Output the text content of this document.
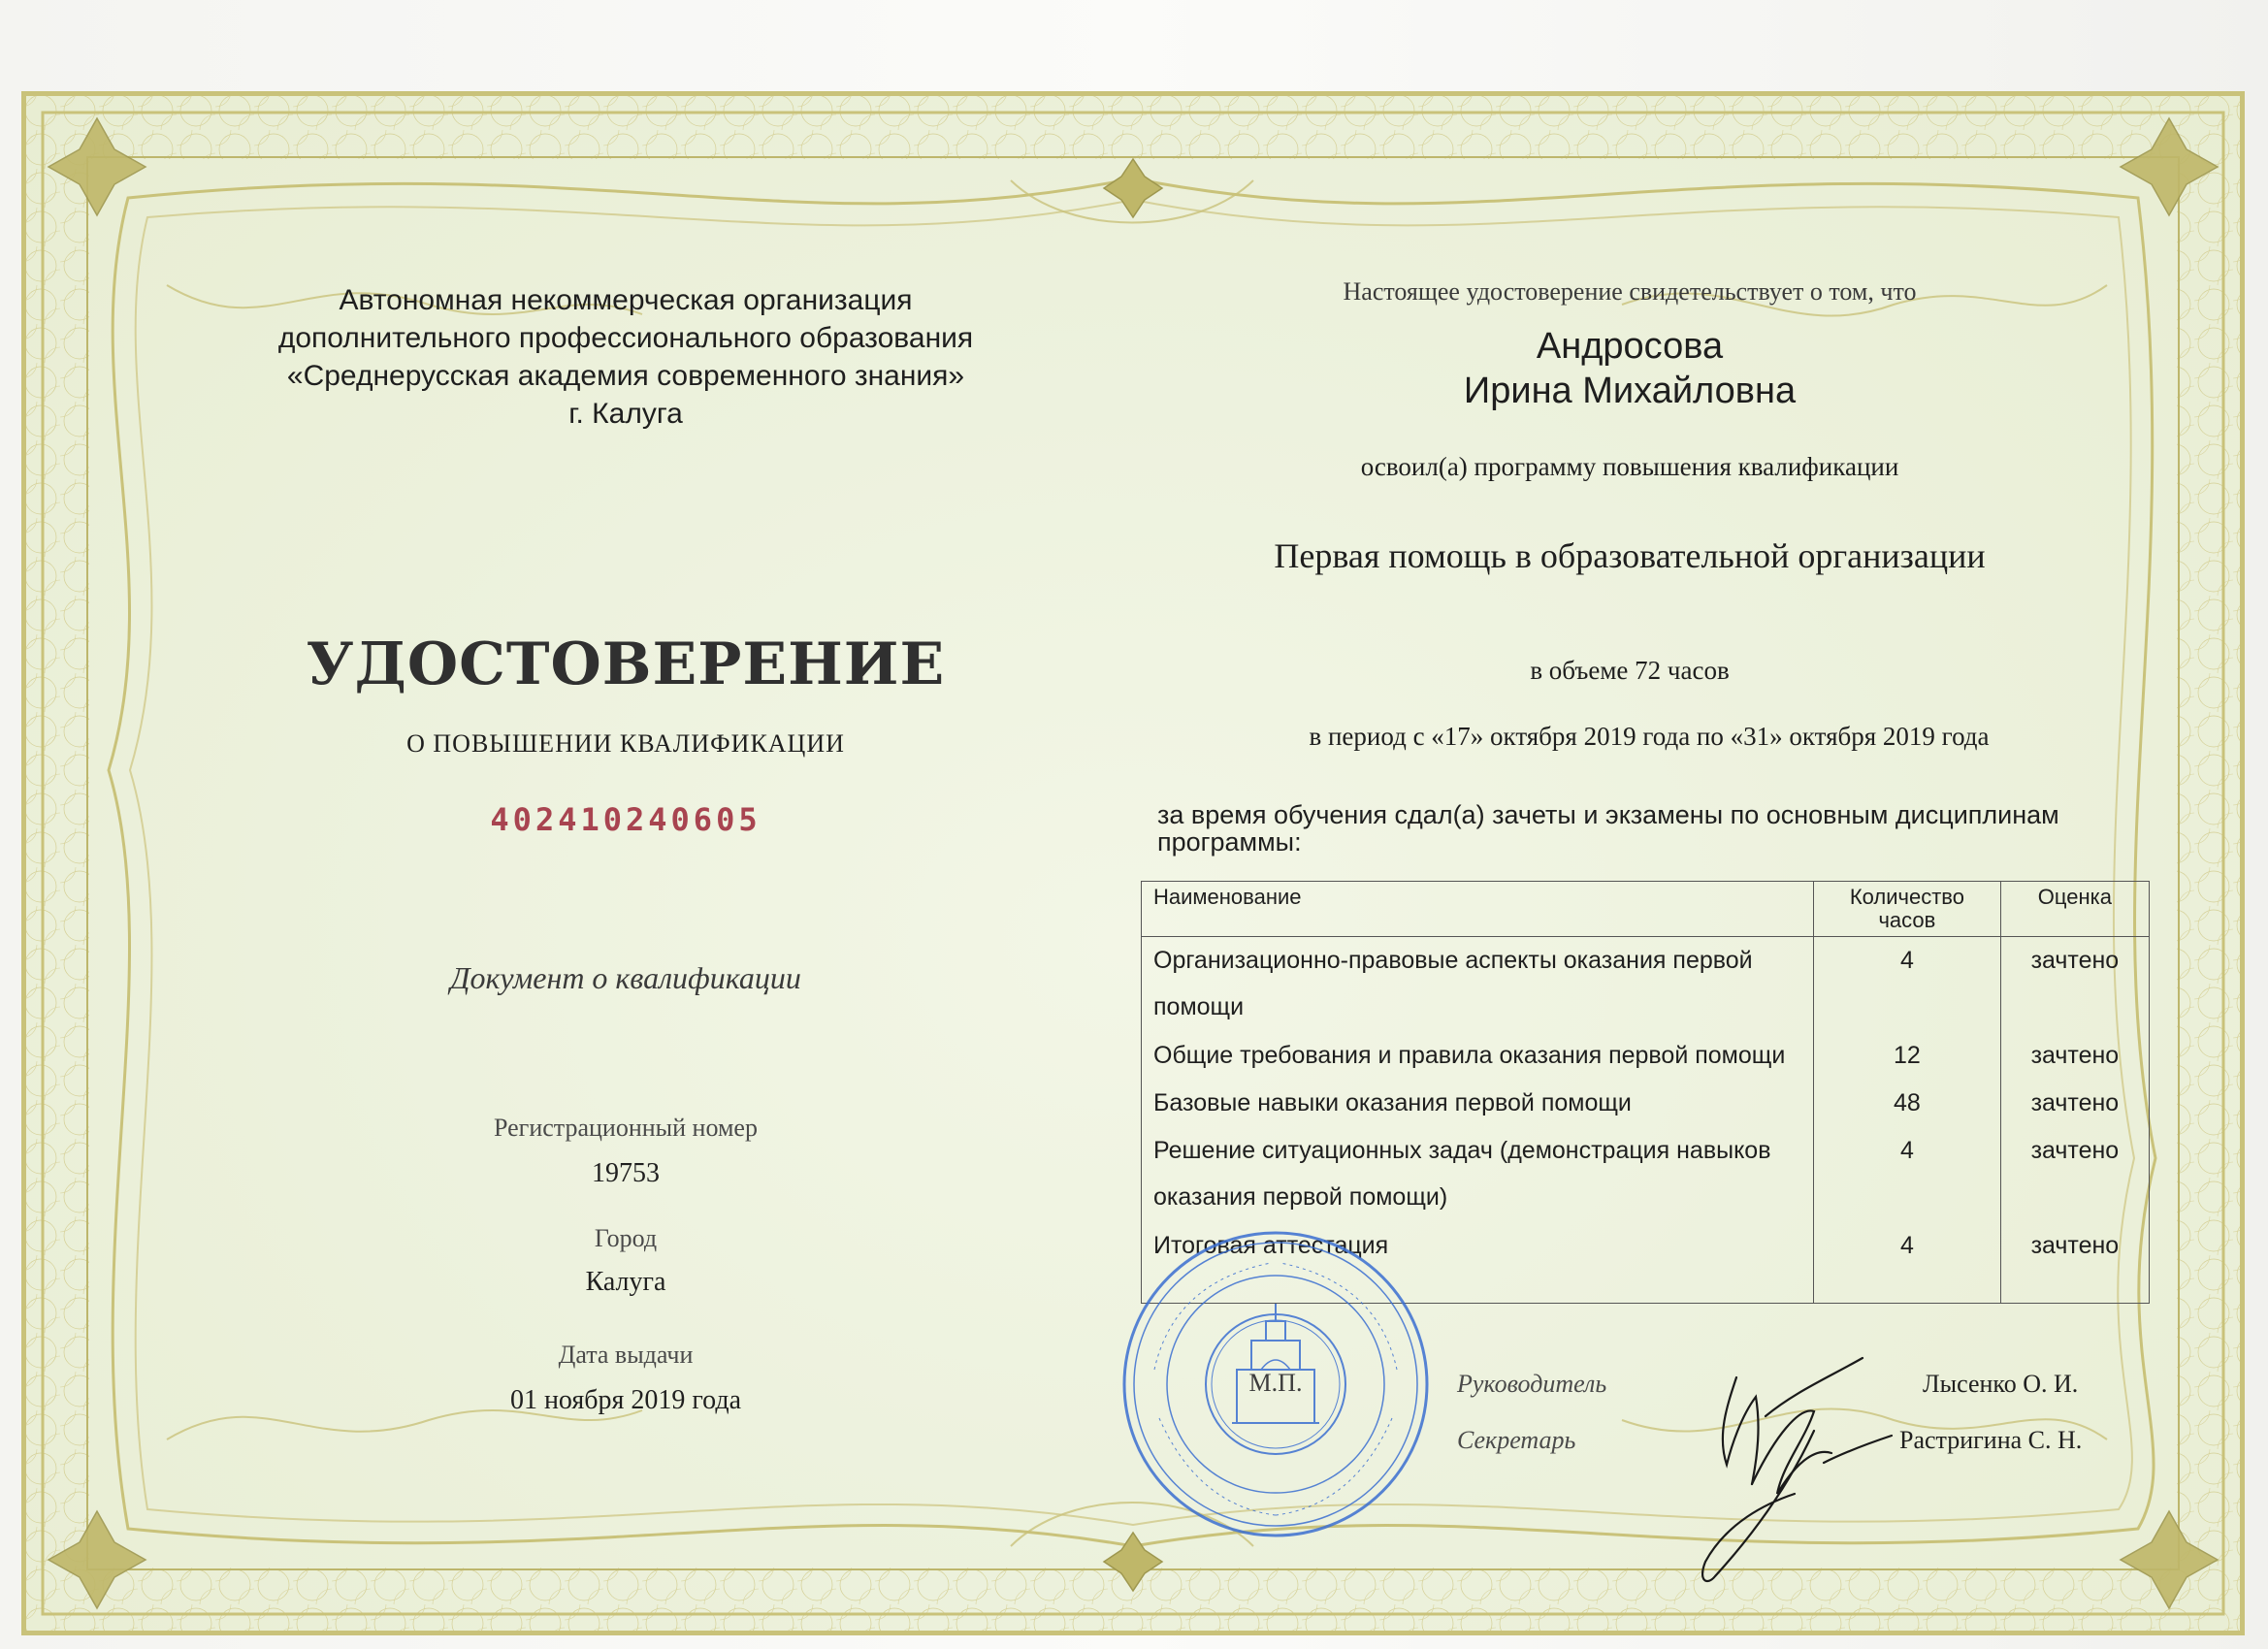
Автономная некоммерческая организация
дополнительного профессионального образования
«Среднерусская академия современного знания»
г. Калуга
УДОСТОВЕРЕНИЕ
О ПОВЫШЕНИИ КВАЛИФИКАЦИИ
402410240605
Документ о квалификации
Регистрационный номер
19753
Город
Калуга
Дата выдачи
01 ноября 2019 года
Настоящее удостоверение свидетельствует о том, что
Андросова
Ирина Михайловна
освоил(а) программу повышения квалификации
Первая помощь в образовательной организации
в объеме 72 часов
в период с «17» октября 2019 года по «31» октября 2019 года
за время обучения сдал(а) зачеты и экзамены по основным дисциплинам программы:
Наименование	Количество часов	Оценка
Организационно-правовые аспекты оказания первой помощи	4	зачтено
Общие требования и правила оказания первой помощи	12	зачтено
Базовые навыки оказания первой помощи	48	зачтено
Решение ситуационных задач (демонстрация навыков оказания первой помощи)	4	зачтено
Итоговая аттестация	4	зачтено

М.П.	Руководитель	Лысенко О. И.
Секретарь	Растригина С. Н.
